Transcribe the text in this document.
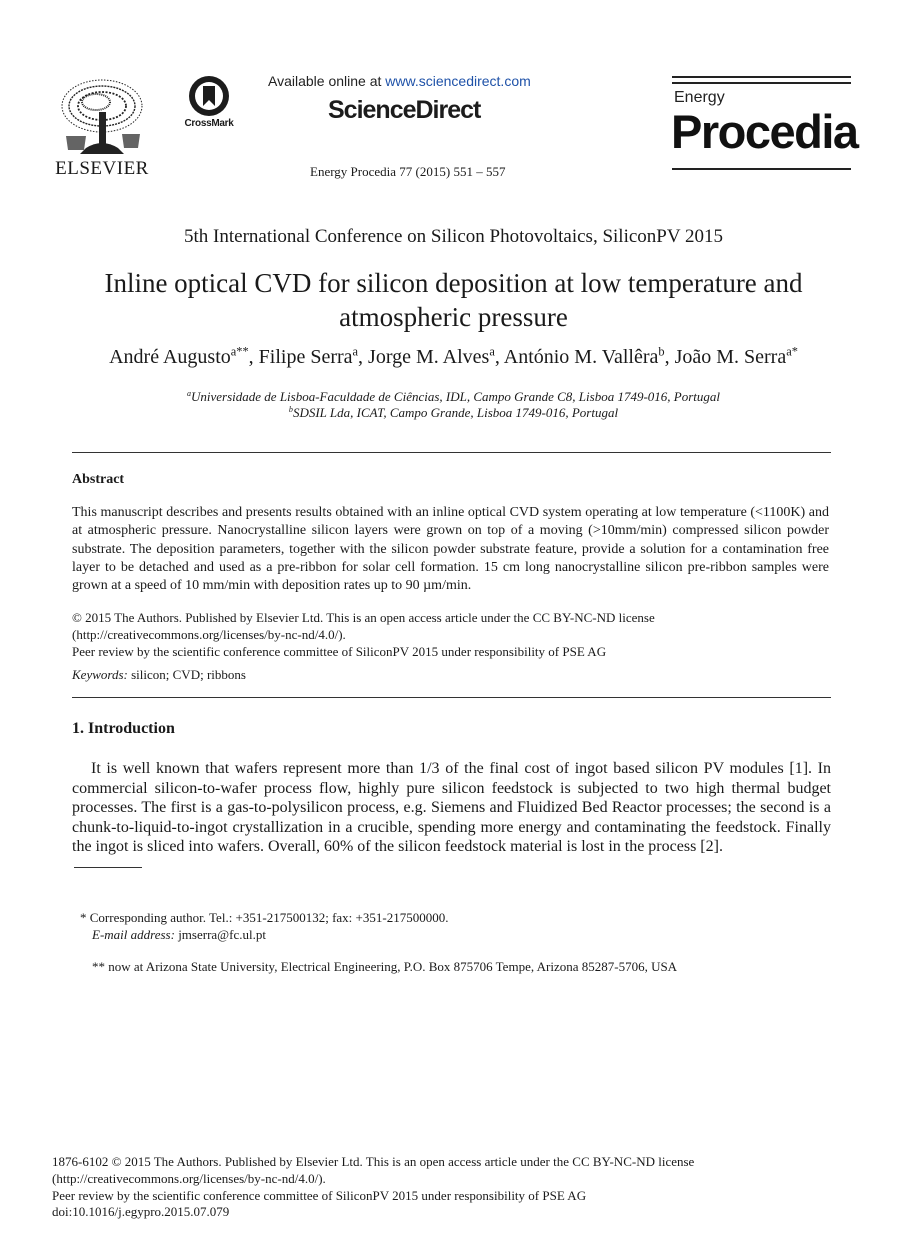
ELSEVIER
CrossMark
Available online at www.sciencedirect.com
ScienceDirect
Energy Procedia 77 (2015) 551 – 557
Energy
Procedia
5th International Conference on Silicon Photovoltaics, SiliconPV 2015
Inline optical CVD for silicon deposition at low temperature and
atmospheric pressure
André Augusto$^{a**}$, Filipe Serra$^a$, Jorge M. Alves$^a$, António M. Vallêra$^b$, João M. Serra$^{a*}$
$^a$Universidade de Lisboa-Faculdade de Ciências, IDL, Campo Grande C8, Lisboa 1749-016, Portugal
$^b$SDSIL Lda, ICAT, Campo Grande, Lisboa 1749-016, Portugal
Abstract
This manuscript describes and presents results obtained with an inline optical CVD system operating at low temperature (<1100K) and at atmospheric pressure. Nanocrystalline silicon layers were grown on top of a moving (>10mm/min) compressed silicon powder substrate. The deposition parameters, together with the silicon powder substrate feature, provide a solution for a contamination free layer to be detached and used as a pre-ribbon for solar cell formation. 15 cm long nanocrystalline silicon pre-ribbon samples were grown at a speed of 10 mm/min with deposition rates up to 90 µm/min.
© 2015 The Authors. Published by Elsevier Ltd. This is an open access article under the CC BY-NC-ND license
(http://creativecommons.org/licenses/by-nc-nd/4.0/).
Peer review by the scientific conference committee of SiliconPV 2015 under responsibility of PSE AG
Keywords: silicon; CVD; ribbons
1. Introduction
It is well known that wafers represent more than 1/3 of the final cost of ingot based silicon PV modules [1]. In commercial silicon-to-wafer process flow, highly pure silicon feedstock is subjected to two high thermal budget processes. The first is a gas-to-polysilicon process, e.g. Siemens and Fluidized Bed Reactor processes; the second is a chunk-to-liquid-to-ingot crystallization in a crucible, spending more energy and contaminating the feedstock. Finally the ingot is sliced into wafers. Overall, 60% of the silicon feedstock material is lost in the process [2].
* Corresponding author. Tel.: +351-217500132; fax: +351-217500000.
E-mail address: jmserra@fc.ul.pt
** now at Arizona State University, Electrical Engineering, P.O. Box 875706 Tempe, Arizona 85287-5706, USA
1876-6102 © 2015 The Authors. Published by Elsevier Ltd. This is an open access article under the CC BY-NC-ND license
(http://creativecommons.org/licenses/by-nc-nd/4.0/).
Peer review by the scientific conference committee of SiliconPV 2015 under responsibility of PSE AG
doi:10.1016/j.egypro.2015.07.079
